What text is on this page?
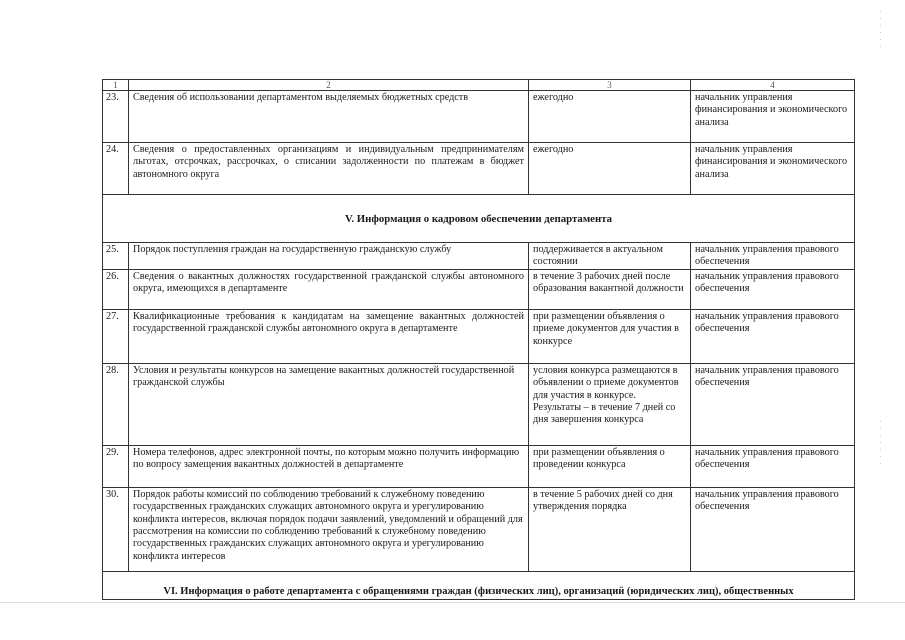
. . . . . .
. . . . . . .
1	2	3	4
23.	Сведения об использовании департаментом выделяемых бюджетных средств	ежегодно	начальник управления финансирования и экономического анализа
24.	Сведения о предоставленных организациям и индивидуальным предпринимателям льготах, отсрочках, рассрочках, о списании задолженности по платежам в бюджет автономного округа	ежегодно	начальник управления финансирования и экономического анализа
V. Информация о кадровом обеспечении департамента			
25.	Порядок поступления граждан на государственную гражданскую службу	поддерживается в актуальном состоянии	начальник управления правового обеспечения
26.	Сведения о вакантных должностях государственной гражданской службы автономного округа, имеющихся в департаменте	в течение 3 рабочих дней после образования вакантной должности	начальник управления правового обеспечения
27.	Квалификационные требования к кандидатам на замещение вакантных должностей государственной гражданской службы автономного округа в департаменте	при размещении объявления о приеме документов для участия в конкурсе	начальник управления правового обеспечения
28.	Условия и результаты конкурсов на замещение вакантных должностей государственной гражданской службы	условия конкурса размещаются в объявлении о приеме документов для участия в конкурсе. Результаты – в течение 7 дней со дня завершения конкурса	начальник управления правового обеспечения
29.	Номера телефонов, адрес электронной почты, по которым можно получить информацию по вопросу замещения вакантных должностей в департаменте	при размещении объявления о проведении конкурса	начальник управления правового обеспечения
30.	Порядок работы комиссий по соблюдению требований к служебному поведению государственных гражданских служащих автономного округа и урегулированию конфликта интересов, включая порядок подачи заявлений, уведомлений и обращений для рассмотрения на комиссии по соблюдению требований к служебному поведению государственных гражданских служащих автономного округа и урегулированию конфликта интересов	в течение 5 рабочих дней со дня утверждения порядка	начальник управления правового обеспечения
VI. Информация о работе департамента с обращениями граждан (физических лиц), организаций (юридических лиц), общественных			
